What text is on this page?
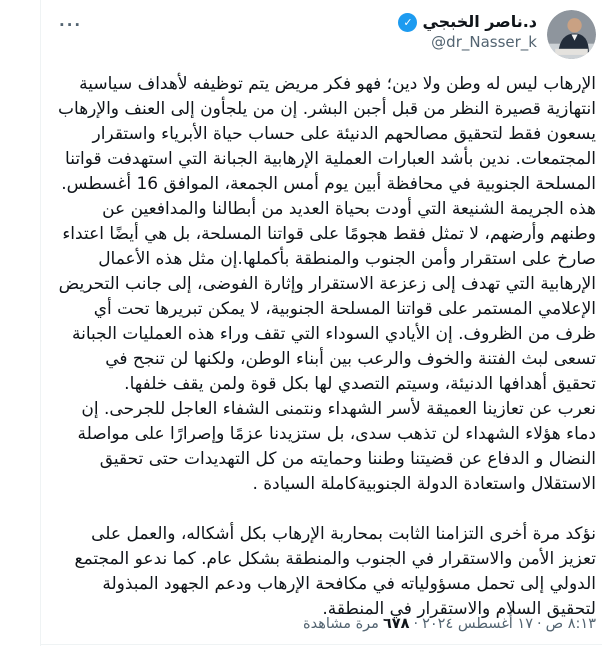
د.ناصر الخبجي
✓
@dr_Nasser_k
···

الإرهاب ليس له وطن ولا دين؛ فهو فكر مريض يتم توظيفه لأهداف سياسية انتهازية قصيرة النظر من قبل أجبن البشر. إن من يلجأون إلى العنف والإرهاب يسعون فقط لتحقيق مصالحهم الدنيئة على حساب حياة الأبرياء واستقرار المجتمعات. ندين بأشد العبارات العملية الإرهابية الجبانة التي استهدفت قواتنا المسلحة الجنوبية في محافظة أبين يوم أمس الجمعة، الموافق 16 أغسطس. هذه الجريمة الشنيعة التي أودت بحياة العديد من أبطالنا والمدافعين عن وطنهم وأرضهم، لا تمثل فقط هجومًا على قواتنا المسلحة، بل هي أيضًا اعتداء صارخ على استقرار وأمن الجنوب والمنطقة بأكملها.إن مثل هذه الأعمال الإرهابية التي تهدف إلى زعزعة الاستقرار وإثارة الفوضى، إلى جانب التحريض الإعلامي المستمر على قواتنا المسلحة الجنوبية، لا يمكن تبريرها تحت أي ظرف من الظروف. إن الأيادي السوداء التي تقف وراء هذه العمليات الجبانة تسعى لبث الفتنة والخوف والرعب بين أبناء الوطن، ولكنها لن تنجح في تحقيق أهدافها الدنيئة، وسيتم التصدي لها بكل قوة ولمن يقف خلفها.

نعرب عن تعازينا العميقة لأسر الشهداء ونتمنى الشفاء العاجل للجرحى. إن دماء هؤلاء الشهداء لن تذهب سدى، بل ستزيدنا عزمًا وإصرارًا على مواصلة النضال و الدفاع عن قضيتنا وطننا وحمايته من كل التهديدات حتى تحقيق الاستقلال واستعادة الدولة الجنوبيةكاملة السيادة .

نؤكد مرة أخرى التزامنا الثابت بمحاربة الإرهاب بكل أشكاله، والعمل على تعزيز الأمن والاستقرار في الجنوب والمنطقة بشكل عام. كما ندعو المجتمع الدولي إلى تحمل مسؤولياته في مكافحة الإرهاب ودعم الجهود المبذولة لتحقيق السلام والاستقرار في المنطقة.

٨:١٣ ص·١٧ أغسطس ٢٠٢٤·٦٧٨مرة مشاهدة
